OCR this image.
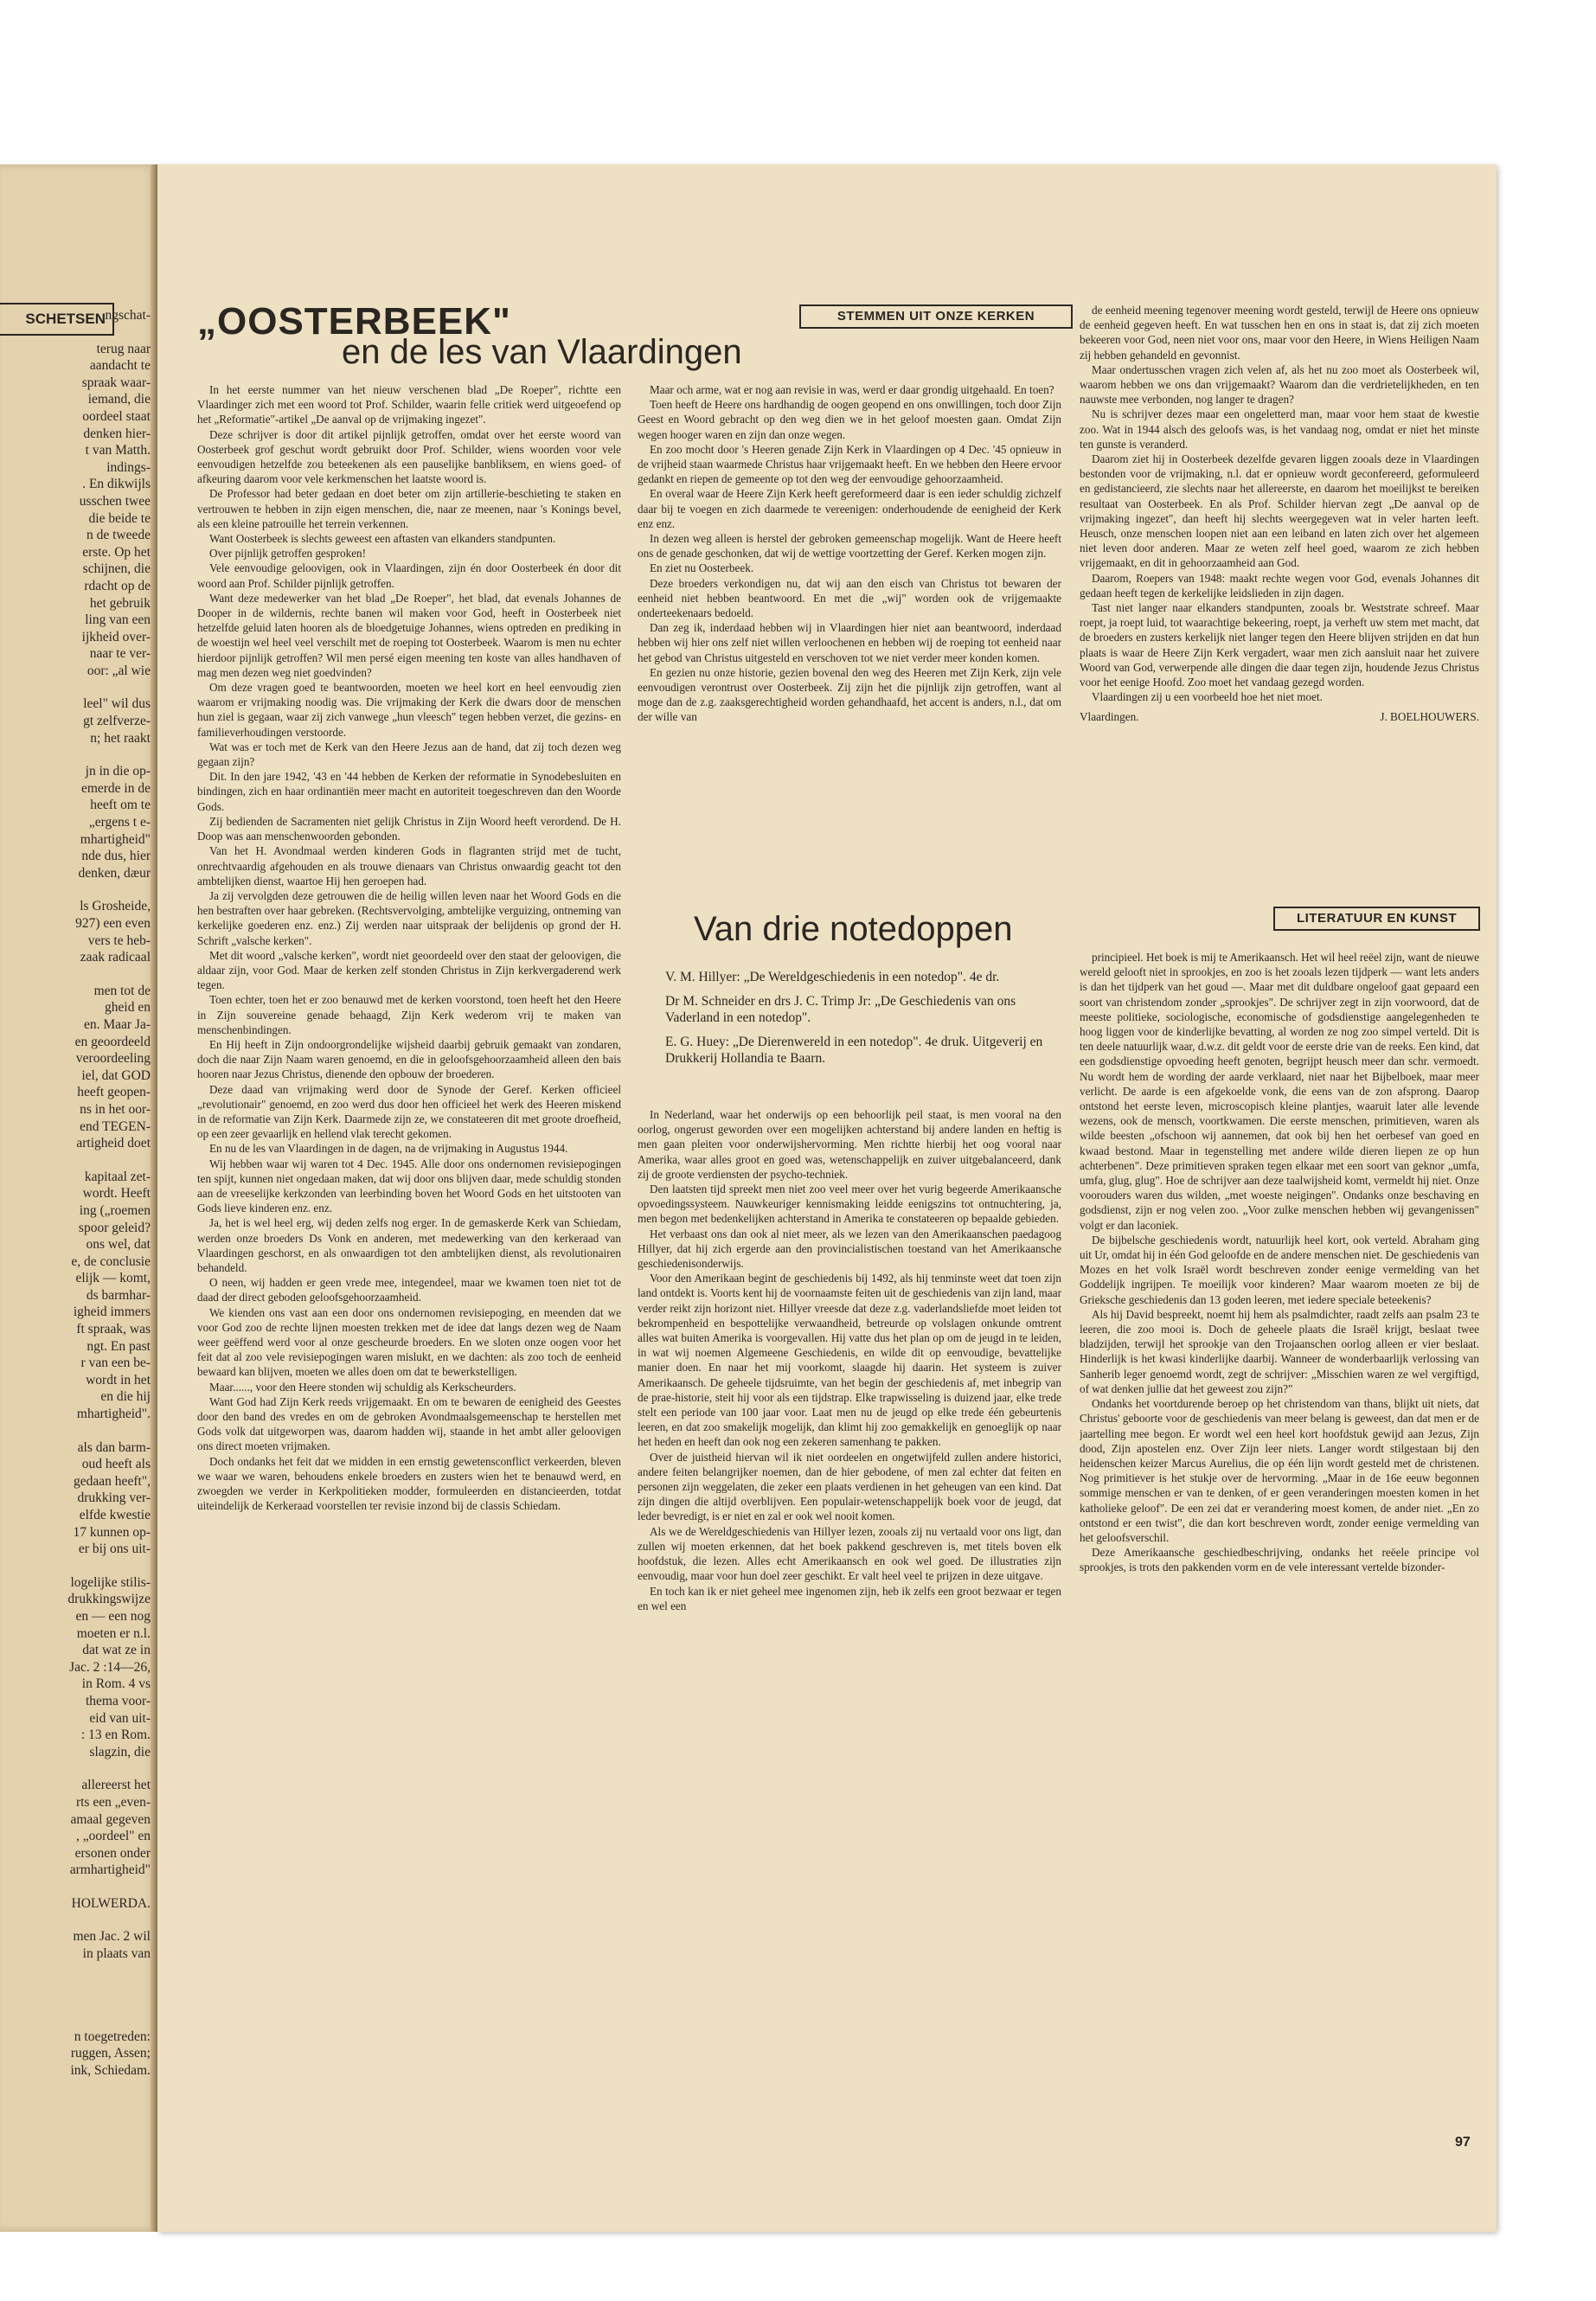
SCHETSEN ngschat-
terug naar
aandacht te
spraak waar-
iemand, die
oordeel staat
denken hier-
t van Matth.
indings-
. En dikwijls
usschen twee
die beide te
n de tweede
erste. Op het
schijnen, die
rdacht op de
het gebruik
ling van een
ijkheid over-
naar te ver-
oor: „al wie
leel" wil dus
gt zelfverze-
n; het raakt
jn in die op-
emerde in de
heeft om te
„ergens t e-
mhartigheid"
nde dus, hier
denken, dæur
ls Grosheide,
927) een even
vers te heb-
zaak radicaal
men tot de
gheid en
en. Maar Ja-
en geoordeeld
veroordeeling
iel, dat GOD
heeft geopen-
ns in het oor-
end TEGEN-
artigheid doet
kapitaal zet-
wordt. Heeft
ing („roemen
spoor geleid?
ons wel, dat
e, de conclusie
elijk — komt,
ds barmhar-
igheid immers
ft spraak, was
ngt. En past
r van een be-
wordt in het
en die hij
mhartigheid".
als dan barm-
oud heeft als
gedaan heeft",
drukking ver-
elfde kwestie
17 kunnen op-
er bij ons uit-
logelijke stilis-
drukkingswijze
en — een nog
moeten er n.l.
dat wat ze in
Jac. 2 :14—26,
in Rom. 4 vs
thema voor-
eid van uit-
: 13 en Rom.
slagzin, die
allereerst het
rts een „even-
amaal gegeven
, „oordeel" en
ersonen onder
armhartigheid"
HOLWERDA.
men Jac. 2 wil
in plaats van
n toegetreden:
ruggen, Assen;
ink, Schiedam.
„OOSTERBEEK"
en de les van Vlaardingen
STEMMEN UIT ONZE KERKEN

In het eerste nummer van het nieuw verschenen blad „De Roeper", richtte een Vlaardinger zich met een woord tot Prof. Schilder, waarin felle critiek werd uitgeoefend op het „Reformatie"-artikel „De aanval op de vrijmaking ingezet".

Deze schrijver is door dit artikel pijnlijk getroffen, omdat over het eerste woord van Oosterbeek grof geschut wordt gebruikt door Prof. Schilder, wiens woorden voor vele eenvoudigen hetzelfde zou beteekenen als een pauselijke banbliksem, en wiens goed- of afkeuring daarom voor vele kerkmenschen het laatste woord is.

De Professor had beter gedaan en doet beter om zijn artillerie-beschieting te staken en vertrouwen te hebben in zijn eigen menschen, die, naar ze meenen, naar 's Konings bevel, als een kleine patrouille het terrein verkennen.

Want Oosterbeek is slechts geweest een aftasten van elkanders standpunten.

Over pijnlijk getroffen gesproken!

Vele eenvoudige geloovigen, ook in Vlaardingen, zijn én door Oosterbeek én door dit woord aan Prof. Schilder pijnlijk getroffen.

Want deze medewerker van het blad „De Roeper", het blad, dat evenals Johannes de Dooper in de wildernis, rechte banen wil maken voor God, heeft in Oosterbeek niet hetzelfde geluid laten hooren als de bloedgetuige Johannes, wiens optreden en prediking in de woestijn wel heel veel verschilt met de roeping tot Oosterbeek. Waarom is men nu echter hierdoor pijnlijk getroffen? Wil men persé eigen meening ten koste van alles handhaven of mag men dezen weg niet goedvinden?

Om deze vragen goed te beantwoorden, moeten we heel kort en heel eenvoudig zien waarom er vrijmaking noodig was. Die vrijmaking der Kerk die dwars door de menschen hun ziel is gegaan, waar zij zich vanwege „hun vleesch" tegen hebben verzet, die gezins- en familieverhoudingen verstoorde.

Wat was er toch met de Kerk van den Heere Jezus aan de hand, dat zij toch dezen weg gegaan zijn?

Dit. In den jare 1942, '43 en '44 hebben de Kerken der reformatie in Synodebesluiten en bindingen, zich en haar ordinantiën meer macht en autoriteit toegeschreven dan den Woorde Gods.

Zij bedienden de Sacramenten niet gelijk Christus in Zijn Woord heeft verordend. De H. Doop was aan menschenwoorden gebonden.

Van het H. Avondmaal werden kinderen Gods in flagranten strijd met de tucht, onrechtvaardig afgehouden en als trouwe dienaars van Christus onwaardig geacht tot den ambtelijken dienst, waartoe Hij hen geroepen had.

Ja zij vervolgden deze getrouwen die de heilig willen leven naar het Woord Gods en die hen bestraften over haar gebreken. (Rechtsvervolging, ambtelijke verguizing, ontneming van kerkelijke goederen enz. enz.) Zij werden naar uitspraak der belijdenis op grond der H. Schrift „valsche kerken".

Met dit woord „valsche kerken", wordt niet geoordeeld over den staat der geloovigen, die aldaar zijn, voor God. Maar de kerken zelf stonden Christus in Zijn kerkvergaderend werk tegen.

Toen echter, toen het er zoo benauwd met de kerken voorstond, toen heeft het den Heere in Zijn souvereine genade behaagd, Zijn Kerk wederom vrij te maken van menschenbindingen.

En Hij heeft in Zijn ondoorgrondelijke wijsheid daarbij gebruik gemaakt van zondaren, doch die naar Zijn Naam waren genoemd, en die in geloofsgehoorzaamheid alleen den bais hooren naar Jezus Christus, dienende den opbouw der broederen.

Deze daad van vrijmaking werd door de Synode der Geref. Kerken officieel „revolutionair" genoemd, en zoo werd dus door hen officieel het werk des Heeren miskend in de reformatie van Zijn Kerk. Daarmede zijn ze, we constateeren dit met groote droefheid, op een zeer gevaarlijk en hellend vlak terecht gekomen.

En nu de les van Vlaardingen in de dagen, na de vrijmaking in Augustus 1944.

Wij hebben waar wij waren tot 4 Dec. 1945. Alle door ons ondernomen revisiepogingen ten spijt, kunnen niet ongedaan maken, dat wij door ons blijven daar, mede schuldig stonden aan de vreeselijke kerkzonden van leerbinding boven het Woord Gods en het uitstooten van Gods lieve kinderen enz. enz.

Ja, het is wel heel erg, wij deden zelfs nog erger. In de gemaskerde Kerk van Schiedam, werden onze broeders Ds Vonk en anderen, met medewerking van den kerkeraad van Vlaardingen geschorst, en als onwaardigen tot den ambtelijken dienst, als revolutionairen behandeld.

O neen, wij hadden er geen vrede mee, integendeel, maar we kwamen toen niet tot de daad der direct geboden geloofsgehoorzaamheid.

We kienden ons vast aan een door ons ondernomen revisiepoging, en meenden dat we voor God zoo de rechte lijnen moesten trekken met de idee dat langs dezen weg de Naam weer geëffend werd voor al onze gescheurde broeders. En we sloten onze oogen voor het feit dat al zoo vele revisiepogingen waren mislukt, en we dachten: als zoo toch de eenheid bewaard kan blijven, moeten we alles doen om dat te bewerkstelligen.

Maar......, voor den Heere stonden wij schuldig als Kerkscheurders.

Want God had Zijn Kerk reeds vrijgemaakt. En om te bewaren de eenigheid des Geestes door den band des vredes en om de gebroken Avondmaalsgemeenschap te herstellen met Gods volk dat uitgeworpen was, daarom hadden wij, staande in het ambt aller geloovigen ons direct moeten vrijmaken.

Doch ondanks het feit dat we midden in een ernstig gewetensconflict verkeerden, bleven we waar we waren, behoudens enkele broeders en zusters wien het te benauwd werd, en zwoegden we verder in Kerkpolitieken modder, formuleerden en distancieerden, totdat uiteindelijk de Kerkeraad voorstellen ter revisie inzond bij de classis Schiedam.

Maar och arme, wat er nog aan revisie in was, werd er daar grondig uitgehaald. En toen?

Toen heeft de Heere ons hardhandig de oogen geopend en ons onwillingen, toch door Zijn Geest en Woord gebracht op den weg dien we in het geloof moesten gaan. Omdat Zijn wegen hooger waren en zijn dan onze wegen.

En zoo mocht door 's Heeren genade Zijn Kerk in Vlaardingen op 4 Dec. '45 opnieuw in de vrijheid staan waarmede Christus haar vrijgemaakt heeft. En we hebben den Heere ervoor gedankt en riepen de gemeente op tot den weg der eenvoudige gehoorzaamheid.

En overal waar de Heere Zijn Kerk heeft gereformeerd daar is een ieder schuldig zichzelf daar bij te voegen en zich daarmede te vereenigen: onderhoudende de eenigheid der Kerk enz enz.

In dezen weg alleen is herstel der gebroken gemeenschap mogelijk. Want de Heere heeft ons de genade geschonken, dat wij de wettige voortzetting der Geref. Kerken mogen zijn.

En ziet nu Oosterbeek.

Deze broeders verkondigen nu, dat wij aan den eisch van Christus tot bewaren der eenheid niet hebben beantwoord. En met die „wij" worden ook de vrijgemaakte onderteekenaars bedoeld.

Dan zeg ik, inderdaad hebben wij in Vlaardingen hier niet aan beantwoord, inderdaad hebben wij hier ons zelf niet willen verloochenen en hebben wij de roeping tot eenheid naar het gebod van Christus uitgesteld en verschoven tot we niet verder meer konden komen.

En gezien nu onze historie, gezien bovenal den weg des Heeren met Zijn Kerk, zijn vele eenvoudigen verontrust over Oosterbeek. Zij zijn het die pijnlijk zijn getroffen, want al moge dan de z.g. zaaksgerechtigheid worden gehandhaafd, het accent is anders, n.l., dat om der wille van

de eenheid meening tegenover meening wordt gesteld, terwijl de Heere ons opnieuw de eenheid gegeven heeft. En wat tusschen hen en ons in staat is, dat zij zich moeten bekeeren voor God, neen niet voor ons, maar voor den Heere, in Wiens Heiligen Naam zij hebben gehandeld en gevonnist.

Maar ondertusschen vragen zich velen af, als het nu zoo moet als Oosterbeek wil, waarom hebben we ons dan vrijgemaakt? Waarom dan die verdrietelijkheden, en ten nauwste mee verbonden, nog langer te dragen?

Nu is schrijver dezes maar een ongeletterd man, maar voor hem staat de kwestie zoo. Wat in 1944 alsch des geloofs was, is het vandaag nog, omdat er niet het minste ten gunste is veranderd.

Daarom ziet hij in Oosterbeek dezelfde gevaren liggen zooals deze in Vlaardingen bestonden voor de vrijmaking, n.l. dat er opnieuw wordt geconfereerd, geformuleerd en gedistancieerd, zie slechts naar het allereerste, en daarom het moeilijkst te bereiken resultaat van Oosterbeek. En als Prof. Schilder hiervan zegt „De aanval op de vrijmaking ingezet", dan heeft hij slechts weergegeven wat in veler harten leeft. Heusch, onze menschen loopen niet aan een leiband en laten zich over het algemeen niet leven door anderen. Maar ze weten zelf heel goed, waarom ze zich hebben vrijgemaakt, en dit in gehoorzaamheid aan God.

Daarom, Roepers van 1948: maakt rechte wegen voor God, evenals Johannes dit gedaan heeft tegen de kerkelijke leidslieden in zijn dagen.

Tast niet langer naar elkanders standpunten, zooals br. Weststrate schreef. Maar roept, ja roept luid, tot waarachtige bekeering, roept, ja verheft uw stem met macht, dat de broeders en zusters kerkelijk niet langer tegen den Heere blijven strijden en dat hun plaats is waar de Heere Zijn Kerk vergadert, waar men zich aansluit naar het zuivere Woord van God, verwerpende alle dingen die daar tegen zijn, houdende Jezus Christus voor het eenige Hoofd. Zoo moet het vandaag gezegd worden.

Vlaardingen zij u een voorbeeld hoe het niet moet.

Vlaardingen.	J. BOELHOUWERS.

Van drie notedoppen	LITERATUUR EN KUNST

V. M. Hillyer: „De Wereldgeschiedenis in een notedop". 4e dr.

Dr M. Schneider en drs J. C. Trimp Jr: „De Geschiedenis van ons Vaderland in een notedop".

E. G. Huey: „De Dierenwereld in een notedop". 4e druk. Uitgeverij en Drukkerij Hollandia te Baarn.

In Nederland, waar het onderwijs op een behoorlijk peil staat, is men vooral na den oorlog, ongerust geworden over een mogelijken achterstand bij andere landen en heftig is men gaan pleiten voor onderwijshervorming. Men richtte hierbij het oog vooral naar Amerika, waar alles groot en goed was, wetenschappelijk en zuiver uitgebalanceerd, dank zij de groote verdiensten der psycho-techniek.

Den laatsten tijd spreekt men niet zoo veel meer over het vurig begeerde Amerikaansche opvoedingssysteem. Nauwkeuriger kennismaking leidde eenigszins tot ontnuchtering, ja, men begon met bedenkelijken achterstand in Amerika te constateeren op bepaalde gebieden.

Het verbaast ons dan ook al niet meer, als we lezen van den Amerikaanschen paedagoog Hillyer, dat hij zich ergerde aan den provincialistischen toestand van het Amerikaansche geschiedenisonderwijs.

Voor den Amerikaan begint de geschiedenis bij 1492, als hij tenminste weet dat toen zijn land ontdekt is. Voorts kent hij de voornaamste feiten uit de geschiedenis van zijn land, maar verder reikt zijn horizont niet. Hillyer vreesde dat deze z.g. vaderlandsliefde moet leiden tot bekrompenheid en bespottelijke verwaandheid, betreurde op volslagen onkunde omtrent alles wat buiten Amerika is voorgevallen. Hij vatte dus het plan op om de jeugd in te leiden, in wat wij noemen Algemeene Geschiedenis, en wilde dit op eenvoudige, bevattelijke manier doen. En naar het mij voorkomt, slaagde hij daarin. Het systeem is zuiver Amerikaansch. De geheele tijdsruimte, van het begin der geschiedenis af, met inbegrip van de prae-historie, steit hij voor als een tijdstrap. Elke trapwisseling is duizend jaar, elke trede stelt een periode van 100 jaar voor. Laat men nu de jeugd op elke trede één gebeurtenis leeren, en dat zoo smakelijk mogelijk, dan klimt hij zoo gemakkelijk en genoeglijk op naar het heden en heeft dan ook nog een zekeren samenhang te pakken.

Over de juistheid hiervan wil ik niet oordeelen en ongetwijfeld zullen andere historici, andere feiten belangrijker noemen, dan de hier gebodene, of men zal echter dat feiten en personen zijn weggelaten, die zeker een plaats verdienen in het geheugen van een kind. Dat zijn dingen die altijd overblijven. Een populair-wetenschappelijk boek voor de jeugd, dat leder bevredigt, is er niet en zal er ook wel nooit komen.

Als we de Wereldgeschiedenis van Hillyer lezen, zooals zij nu vertaald voor ons ligt, dan zullen wij moeten erkennen, dat het boek pakkend geschreven is, met titels boven elk hoofdstuk, die lezen. Alles echt Amerikaansch en ook wel goed. De illustraties zijn eenvoudig, maar voor hun doel zeer geschikt. Er valt heel veel te prijzen in deze uitgave.

En toch kan ik er niet geheel mee ingenomen zijn, heb ik zelfs een groot bezwaar er tegen en wel een

principieel. Het boek is mij te Amerikaansch. Het wil heel reëel zijn, want de nieuwe wereld gelooft niet in sprookjes, en zoo is het zooals lezen tijdperk — want lets anders is dan het tijdperk van het goud —. Maar met dit duldbare ongeloof gaat gepaard een soort van christendom zonder „sprookjes". De schrijver zegt in zijn voorwoord, dat de meeste politieke, sociologische, economische of godsdienstige aangelegenheden te hoog liggen voor de kinderlijke bevatting, al worden ze nog zoo simpel verteld. Dit is ten deele natuurlijk waar, d.w.z. dit geldt voor de eerste drie van de reeks. Een kind, dat een godsdienstige opvoeding heeft genoten, begrijpt heusch meer dan schr. vermoedt. Nu wordt hem de wording der aarde verklaard, niet naar het Bijbelboek, maar meer verlicht. De aarde is een afgekoelde vonk, die eens van de zon afsprong. Daarop ontstond het eerste leven, microscopisch kleine plantjes, waaruit later alle levende wezens, ook de mensch, voortkwamen. Die eerste menschen, primitieven, waren als wilde beesten „ofschoon wij aannemen, dat ook bij hen het oerbesef van goed en kwaad bestond. Maar in tegenstelling met andere wilde dieren liepen ze op hun achterbenen". Deze primitieven spraken tegen elkaar met een soort van geknor „umfa, umfa, glug, glug". Hoe de schrijver aan deze taalwijsheid komt, vermeldt hij niet. Onze voorouders waren dus wilden, „met woeste neigingen". Ondanks onze beschaving en godsdienst, zijn er nog velen zoo. „Voor zulke menschen hebben wij gevangenissen" volgt er dan laconiek.

De bijbelsche geschiedenis wordt, natuurlijk heel kort, ook verteld. Abraham ging uit Ur, omdat hij in één God geloofde en de andere menschen niet. De geschiedenis van Mozes en het volk Israël wordt beschreven zonder eenige vermelding van het Goddelijk ingrijpen. Te moeilijk voor kinderen? Maar waarom moeten ze bij de Grieksche geschiedenis dan 13 goden leeren, met iedere speciale beteekenis?

Als hij David bespreekt, noemt hij hem als psalmdichter, raadt zelfs aan psalm 23 te leeren, die zoo mooi is. Doch de geheele plaats die Israël krijgt, beslaat twee bladzijden, terwijl het sprookje van den Trojaanschen oorlog alleen er vier beslaat. Hinderlijk is het kwasi kinderlijke daarbij. Wanneer de wonderbaarlijk verlossing van Sanherib leger genoemd wordt, zegt de schrijver: „Misschien waren ze wel vergiftigd, of wat denken jullie dat het geweest zou zijn?"

Ondanks het voortdurende beroep op het christendom van thans, blijkt uit niets, dat Christus' geboorte voor de geschiedenis van meer belang is geweest, dan dat men er de jaartelling mee begon. Er wordt wel een heel kort hoofdstuk gewijd aan Jezus, Zijn dood, Zijn apostelen enz. Over Zijn leer niets. Langer wordt stilgestaan bij den heidenschen keizer Marcus Aurelius, die op één lijn wordt gesteld met de christenen. Nog primitiever is het stukje over de hervorming. „Maar in de 16e eeuw begonnen sommige menschen er van te denken, of er geen veranderingen moesten komen in het katholieke geloof". De een zei dat er verandering moest komen, de ander niet. „En zo ontstond er een twist", die dan kort beschreven wordt, zonder eenige vermelding van het geloofsverschil.

Deze Amerikaansche geschiedbeschrijving, ondanks het reëele principe vol sprookjes, is trots den pakkenden vorm en de vele interessant vertelde bizonder-

97
